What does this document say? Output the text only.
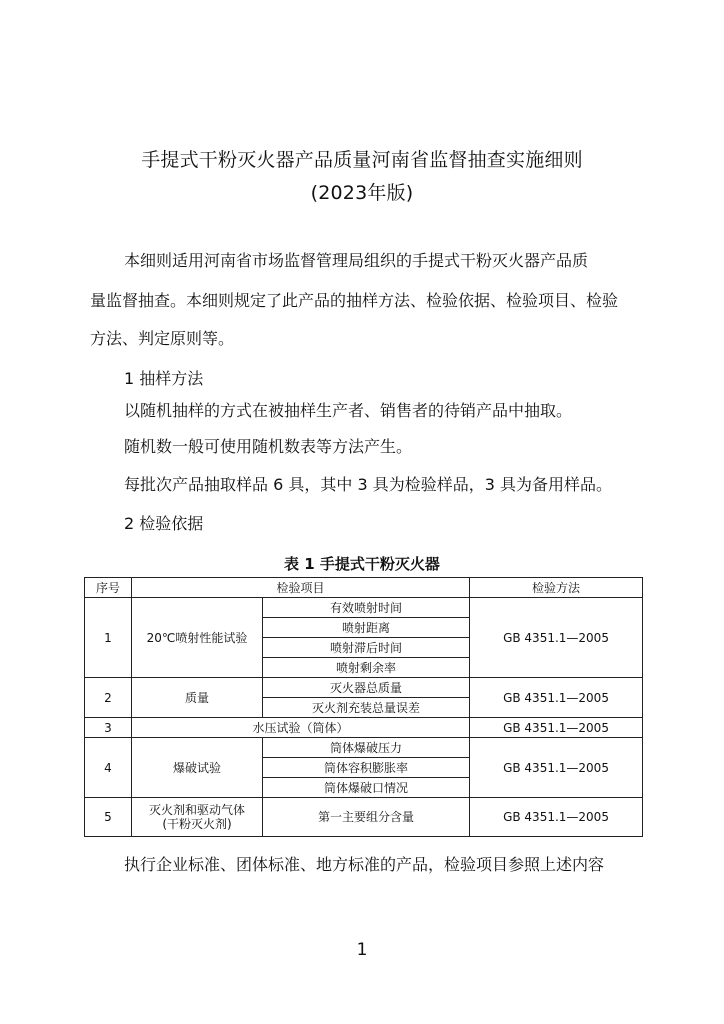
手提式干粉灭火器产品质量河南省监督抽查实施细则
(2023年版)
本细则适用河南省市场监督管理局组织的手提式干粉灭火器产品质
量监督抽查。本细则规定了此产品的抽样方法、检验依据、检验项目、检验
方法、判定原则等。
1 抽样方法
以随机抽样的方式在被抽样生产者、销售者的待销产品中抽取。
随机数一般可使用随机数表等方法产生。
每批次产品抽取样品 6 具，其中 3 具为检验样品，3 具为备用样品。
2 检验依据
表 1 手提式干粉灭火器
序号	检验项目		检验方法
1	20℃喷射性能试验	有效喷射时间	GB 4351.1—2005
		喷射距离	
		喷射滞后时间	
		喷射剩余率	
2	质量	灭火器总质量	GB 4351.1—2005
		灭火剂充装总量误差	
3	水压试验（筒体）		GB 4351.1—2005
4	爆破试验	筒体爆破压力	GB 4351.1—2005
		筒体容积膨胀率	
		筒体爆破口情况	
5	灭火剂和驱动气体
(干粉灭火剂)	第一主要组分含量	GB 4351.1—2005
执行企业标准、团体标准、地方标准的产品，检验项目参照上述内容
1
